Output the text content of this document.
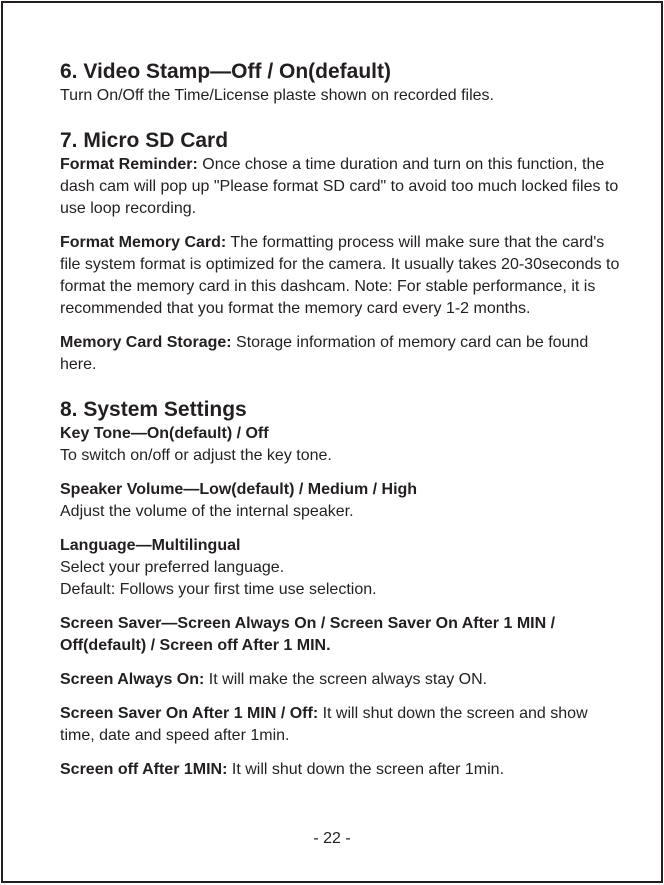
6. Video Stamp—Off / On(default)

Turn On/Off the Time/License plaste shown on recorded files.

7. Micro SD Card

Format Reminder: Once chose a time duration and turn on this function, the dash cam will pop up "Please format SD card" to avoid too much locked files to use loop recording.

Format Memory Card: The formatting process will make sure that the card's file system format is optimized for the camera. It usually takes 20-30seconds to format the memory card in this dashcam. Note: For stable performance, it is recommended that you format the memory card every 1-2 months.

Memory Card Storage: Storage information of memory card can be found here.

8. System Settings

Key Tone—On(default) / Off
To switch on/off or adjust the key tone.

Speaker Volume—Low(default) / Medium / High
Adjust the volume of the internal speaker.

Language—Multilingual
Select your preferred language.
Default: Follows your first time use selection.

Screen Saver—Screen Always On / Screen Saver On After 1 MIN / Off(default) / Screen off After 1 MIN.

Screen Always On: It will make the screen always stay ON.

Screen Saver On After 1 MIN / Off: It will shut down the screen and show time, date and speed after 1min.

Screen off After 1MIN: It will shut down the screen after 1min.

- 22 -
